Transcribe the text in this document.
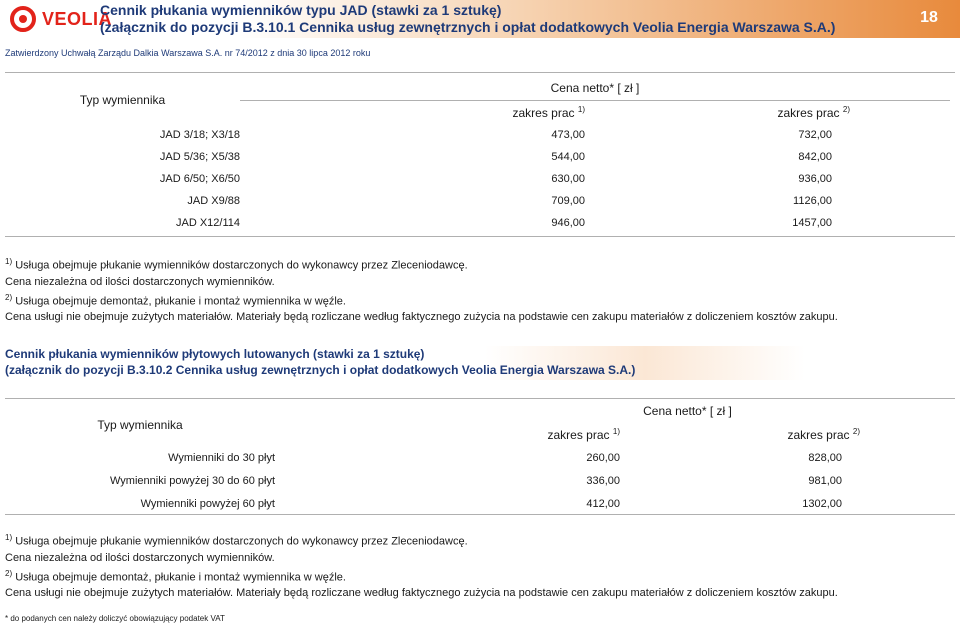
VEOLIA
Cennik płukania wymienników typu JAD (stawki za 1 sztukę)
(załącznik do pozycji B.3.10.1 Cennika usług zewnętrznych i opłat dodatkowych Veolia Energia Warszawa S.A.)
18
Zatwierdzony Uchwałą Zarządu Dalkia Warszawa S.A. nr 74/2012 z dnia 30 lipca 2012 roku
Typ wymiennika	Cena netto* [ zł ]	
	zakres prac $^{1)}$	zakres prac $^{2)}$
JAD 3/18; X3/18	473,00	732,00
JAD 5/36; X5/38	544,00	842,00
JAD 6/50; X6/50	630,00	936,00
JAD X9/88	709,00	1126,00
JAD X12/114	946,00	1457,00
$^{1)}$ Usługa obejmuje płukanie wymienników dostarczonych do wykonawcy przez Zleceniodawcę.
Cena niezależna od ilości dostarczonych wymienników.
$^{2)}$ Usługa obejmuje demontaż, płukanie i montaż wymiennika w węźle.
Cena usługi nie obejmuje zużytych materiałów. Materiały będą rozliczane według faktycznego zużycia na podstawie cen zakupu materiałów z doliczeniem kosztów zakupu.
Cennik płukania wymienników płytowych lutowanych (stawki za 1 sztukę)
(załącznik do pozycji B.3.10.2 Cennika usług zewnętrznych i opłat dodatkowych Veolia Energia Warszawa S.A.)
Typ wymiennika	Cena netto* [ zł ]	
	zakres prac $^{1)}$	zakres prac $^{2)}$
Wymienniki do 30 płyt	260,00	828,00
Wymienniki powyżej 30 do 60 płyt	336,00	981,00
Wymienniki powyżej 60 płyt	412,00	1302,00
$^{1)}$ Usługa obejmuje płukanie wymienników dostarczonych do wykonawcy przez Zleceniodawcę.
Cena niezależna od ilości dostarczonych wymienników.
$^{2)}$ Usługa obejmuje demontaż, płukanie i montaż wymiennika w węźle.
Cena usługi nie obejmuje zużytych materiałów. Materiały będą rozliczane według faktycznego zużycia na podstawie cen zakupu materiałów z doliczeniem kosztów zakupu.
* do podanych cen należy doliczyć obowiązujący podatek VAT
